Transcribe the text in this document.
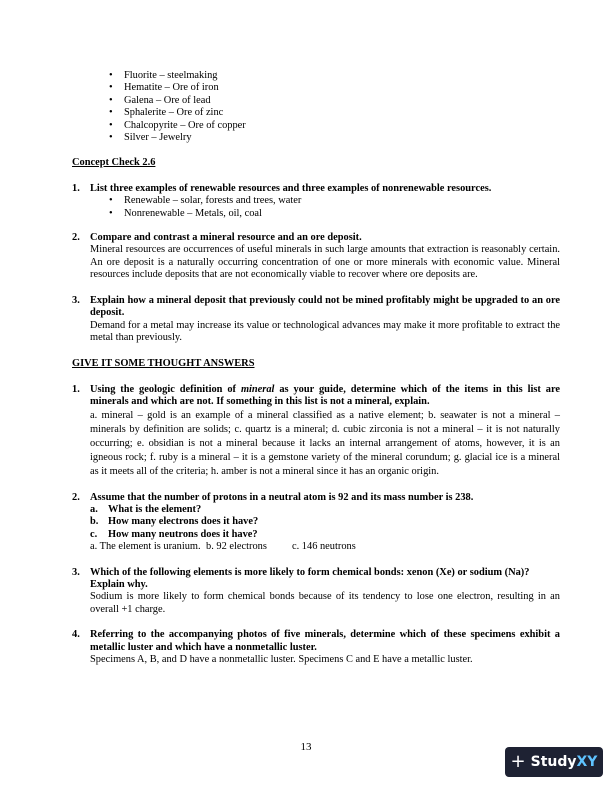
• Fluorite – steelmaking
• Hematite – Ore of iron
• Galena – Ore of lead
• Sphalerite – Ore of zinc
• Chalcopyrite – Ore of copper
• Silver – Jewelry
Concept Check 2.6
1. List three examples of renewable resources and three examples of nonrenewable resources.
• Renewable – solar, forests and trees, water
• Nonrenewable – Metals, oil, coal
2. Compare and contrast a mineral resource and an ore deposit.
Mineral resources are occurrences of useful minerals in such large amounts that extraction is reasonably certain. An ore deposit is a naturally occurring concentration of one or more minerals with economic value. Mineral resources include deposits that are not economically viable to recover where ore deposits are.
3. Explain how a mineral deposit that previously could not be mined profitably might be upgraded to an ore deposit.
Demand for a metal may increase its value or technological advances may make it more profitable to extract the metal than previously.
GIVE IT SOME THOUGHT ANSWERS
1. Using the geologic definition of mineral as your guide, determine which of the items in this list are minerals and which are not. If something in this list is not a mineral, explain.
a. mineral – gold is an example of a mineral classified as a native element; b. seawater is not a mineral – minerals by definition are solids; c. quartz is a mineral; d. cubic zirconia is not a mineral – it is not naturally occurring; e. obsidian is not a mineral because it lacks an internal arrangement of atoms, however, it is an igneous rock; f. ruby is a mineral – it is a gemstone variety of the mineral corundum; g. glacial ice is a mineral as it meets all of the criteria; h. amber is not a mineral since it has an organic origin.
2. Assume that the number of protons in a neutral atom is 92 and its mass number is 238.
a. What is the element?
b. How many electrons does it have?
c.	How many neutrons does it have?
a. The element is uranium. b. 92 electrons c. 146 neutrons
3. Which of the following elements is more likely to form chemical bonds: xenon (Xe) or sodium (Na)? Explain why.
Sodium is more likely to form chemical bonds because of its tendency to lose one electron, resulting in an overall +1 charge.
4. Referring to the accompanying photos of five minerals, determine which of these specimens exhibit a metallic luster and which have a nonmetallic luster.
Specimens A, B, and D have a nonmetallic luster. Specimens C and E have a metallic luster.
13
+ StudyXY
